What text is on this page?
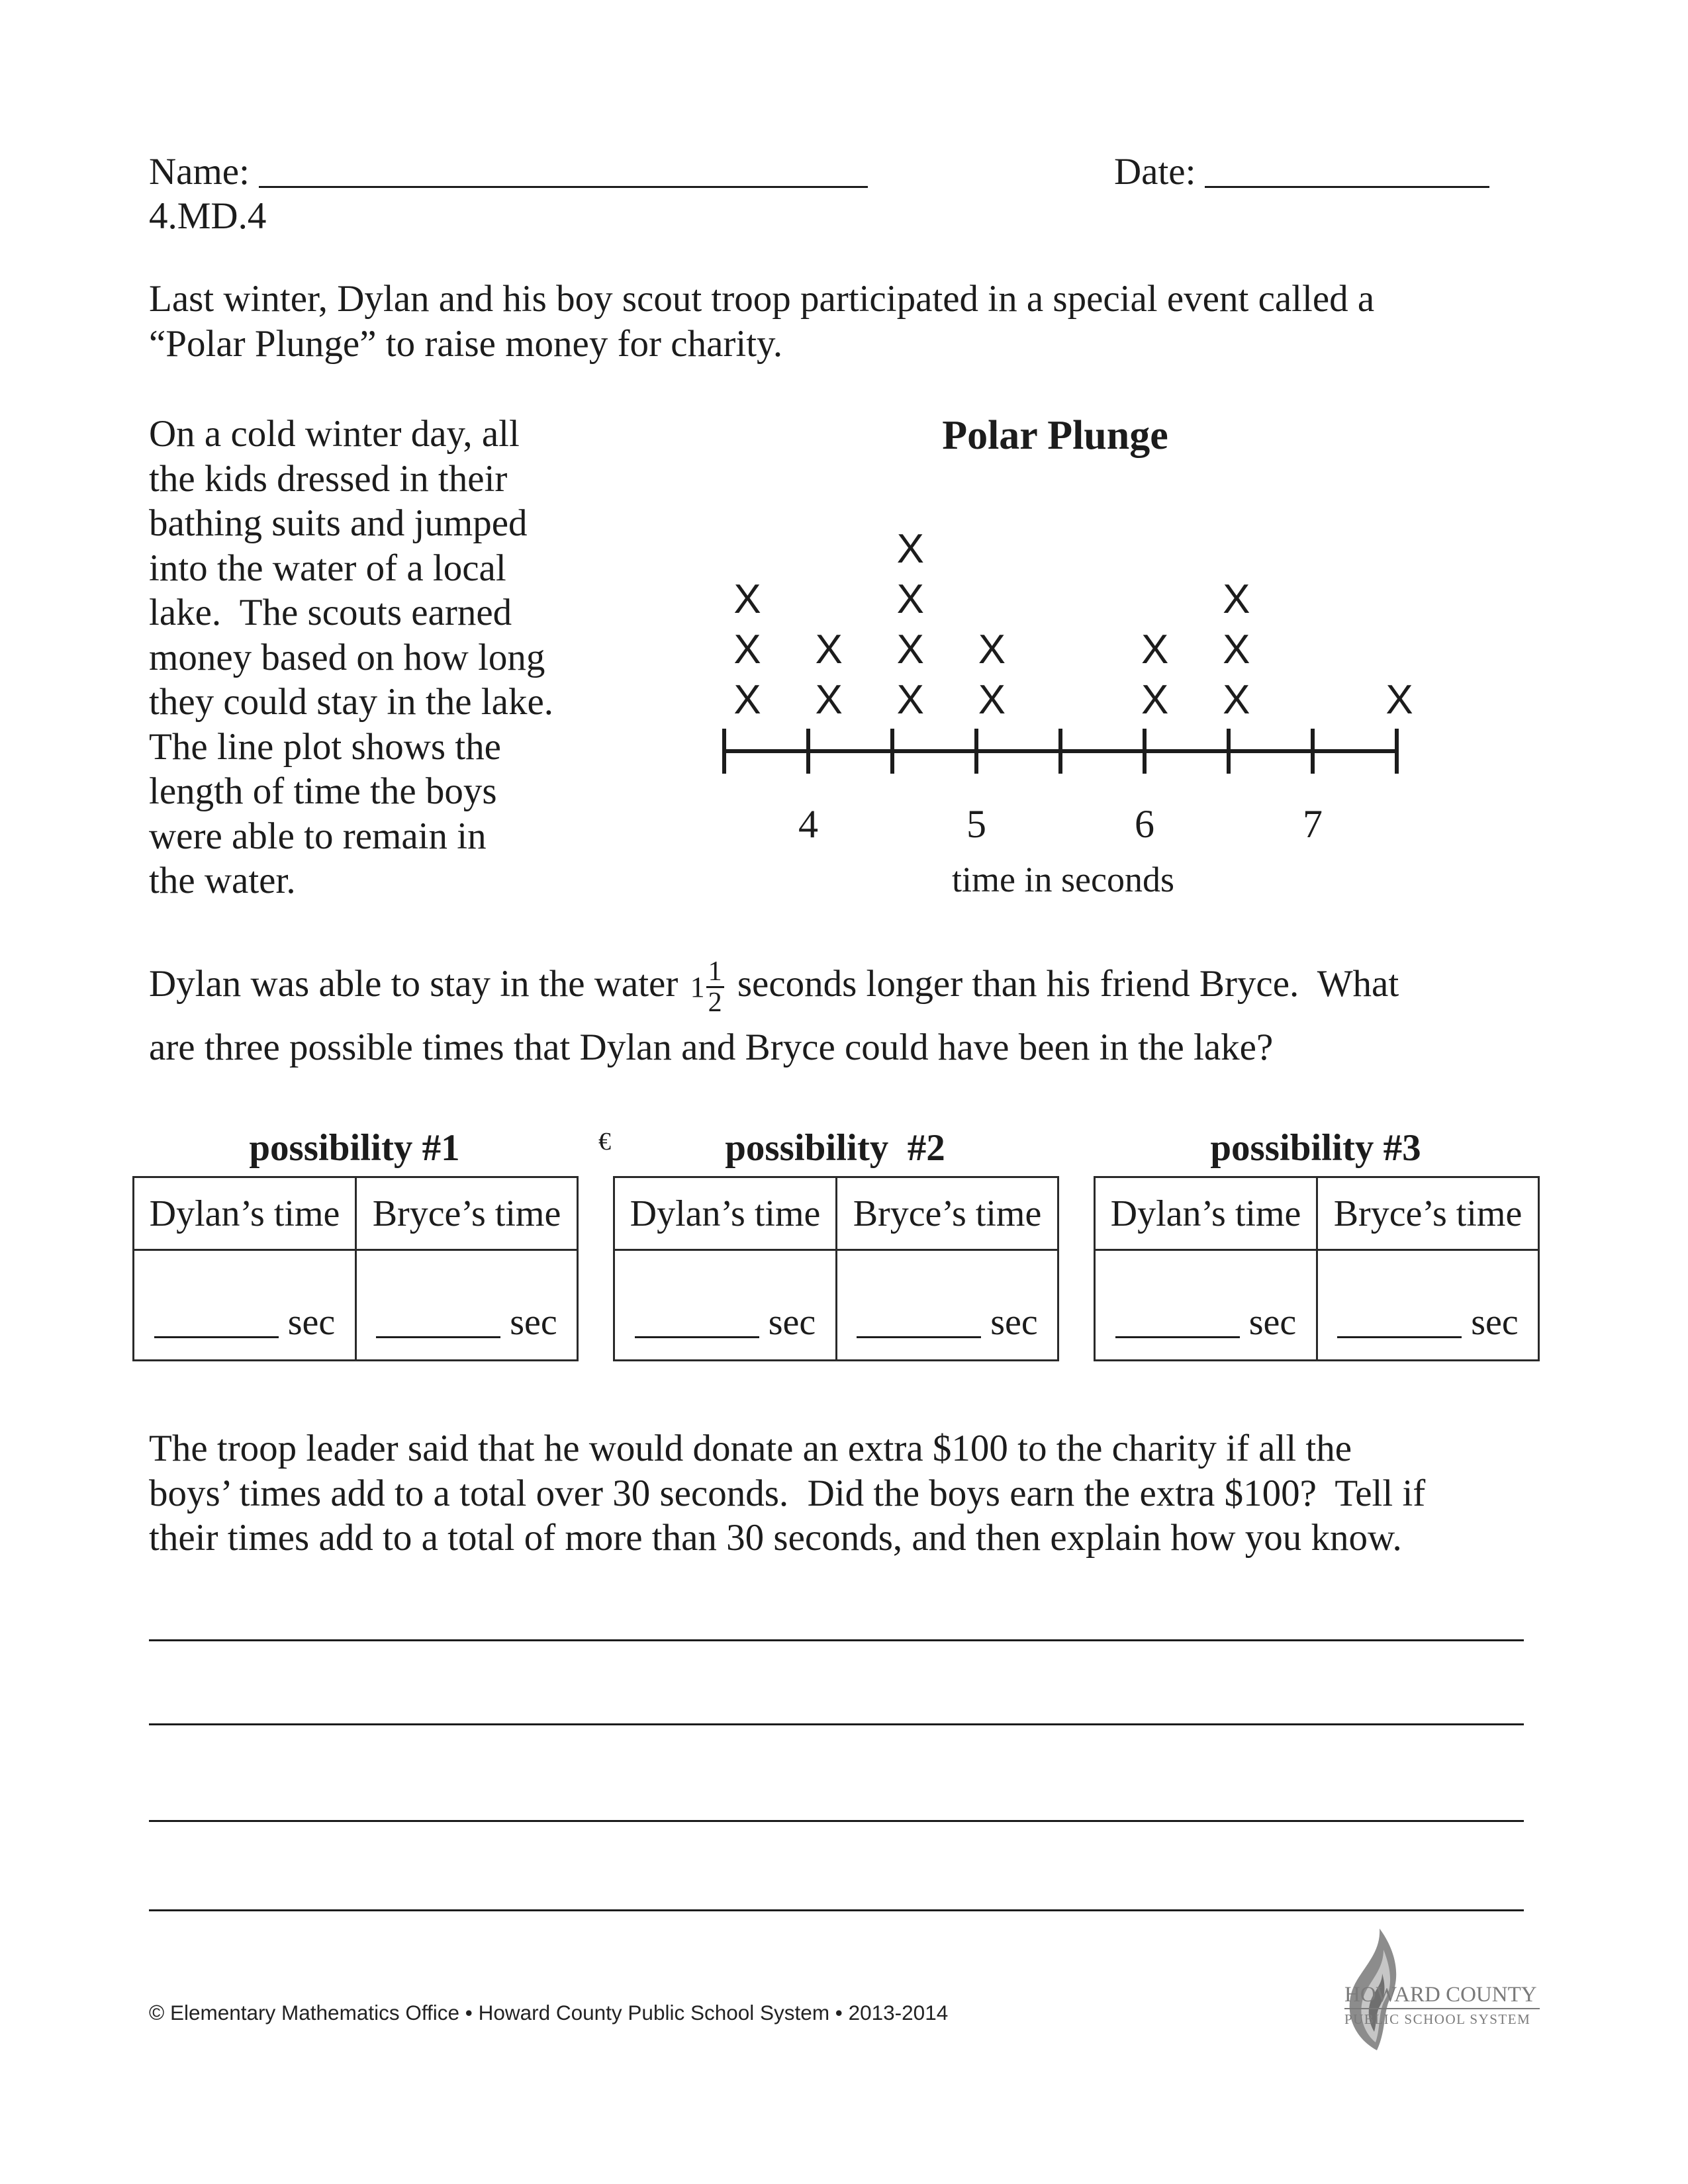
Name:	Date:
4.MD.4
Last winter, Dylan and his boy scout troop participated in a special event called a
“Polar Plunge” to raise money for charity.
On a cold winter day, all
the kids dressed in their
bathing suits and jumped
into the water of a local
lake.  The scouts earned
money based on how long
they could stay in the lake.
The line plot shows the
length of time the boys
were able to remain in
the water.
Polar Plunge
4	5	6	7
X
X
X
X
X
X
X
X
X
X
X
X
X
X
X
X
X
time in seconds
Dylan was able to stay in the water $1 \frac{1}{2}$ seconds longer than his friend Bryce.  What
are three possible times that Dylan and Bryce could have been in the lake?
€
possibility #1
Dylan’s time	Bryce’s time
sec	sec
possibility  #2
Dylan’s time	Bryce’s time
sec	sec
possibility #3
Dylan’s time	Bryce’s time
sec	sec
The troop leader said that he would donate an extra $100 to the charity if all the
boys’ times add to a total over 30 seconds.  Did the boys earn the extra $100?  Tell if
their times add to a total of more than 30 seconds, and then explain how you know.
© Elementary Mathematics Office • Howard County Public School System • 2013-2014
HOWARD COUNTY
PUBLIC SCHOOL SYSTEM
